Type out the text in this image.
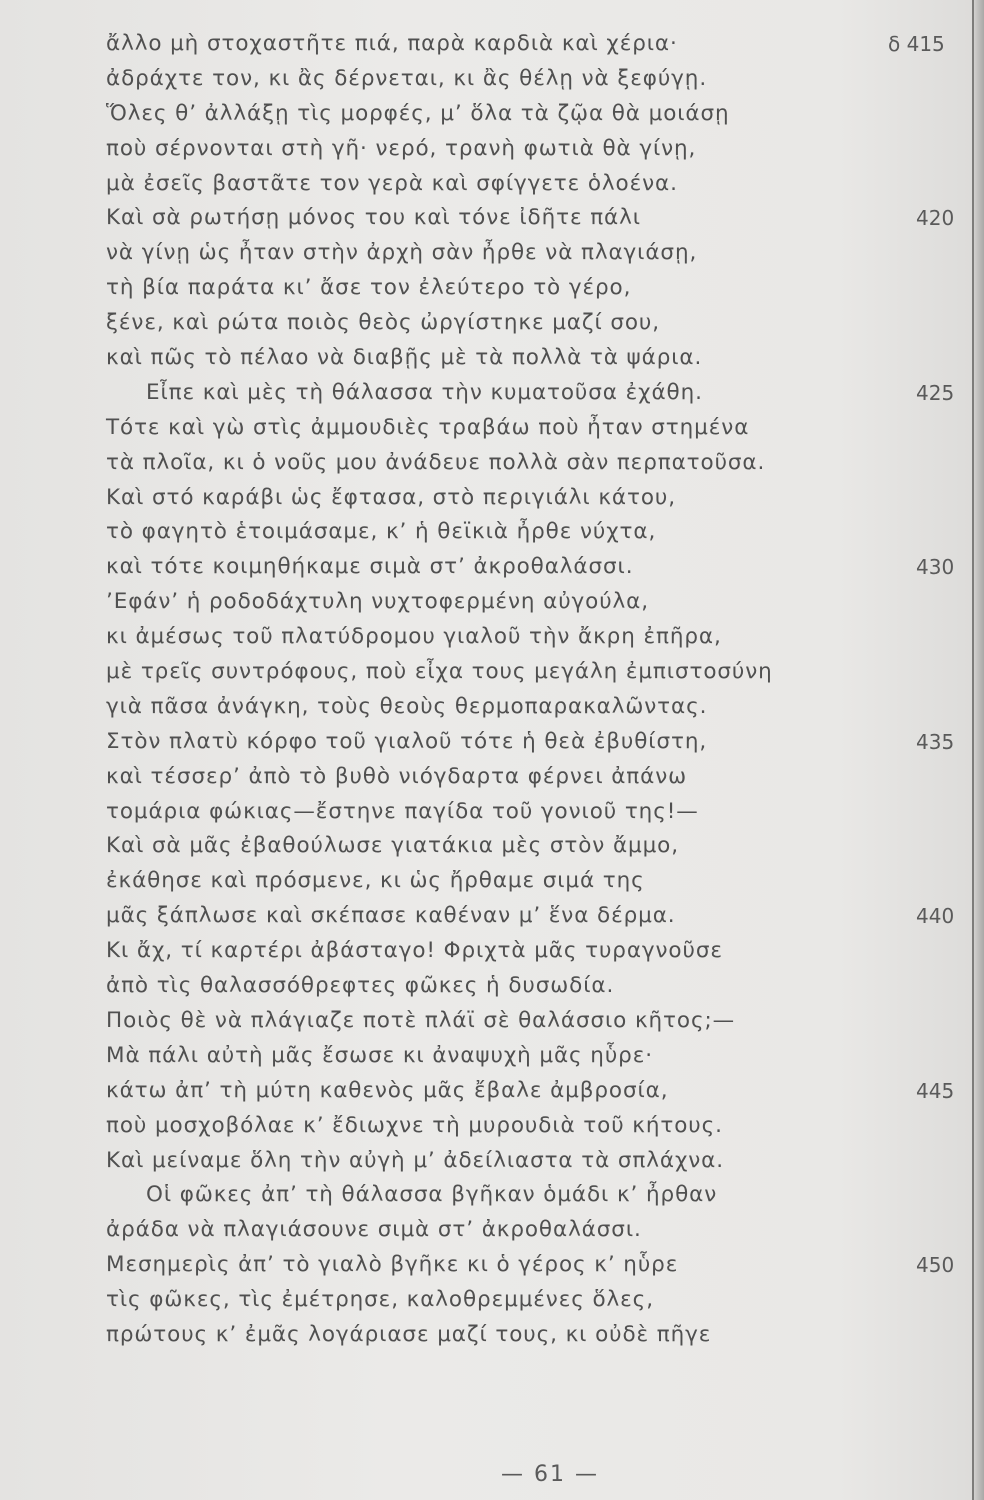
ἄλλο μὴ στοχαστῆτε πιά, παρὰ καρδιὰ καὶ χέρια·	δ 415
ἀδράχτε τον, κι ἂς δέρνεται, κι ἂς θέλῃ νὰ ξεφύγῃ.
Ὅλες θ’ ἀλλάξῃ τὶς μορφές, μ’ ὅλα τὰ ζῷα θὰ μοιάσῃ
ποὺ σέρνονται στὴ γῆ· νερό, τρανὴ φωτιὰ θὰ γίνῃ,
μὰ ἐσεῖς βαστᾶτε τον γερὰ καὶ σφίγγετε ὁλοένα.
Καὶ σὰ ρωτήσῃ μόνος του καὶ τόνε ἰδῆτε πάλι	420
νὰ γίνῃ ὡς ἦταν στὴν ἀρχὴ σὰν ἦρθε νὰ πλαγιάσῃ,
τὴ βία παράτα κι’ ἄσε τον ἐλεύτερο τὸ γέρο,
ξένε, καὶ ρώτα ποιὸς θεὸς ὠργίστηκε μαζί σου,
καὶ πῶς τὸ πέλαο νὰ διαβῇς μὲ τὰ πολλὰ τὰ ψάρια.
Εἶπε καὶ μὲς τὴ θάλασσα τὴν κυματοῦσα ἐχάθη.	425
Τότε καὶ γὼ στὶς ἀμμουδιὲς τραβάω ποὺ ἦταν στημένα
τὰ πλοῖα, κι ὁ νοῦς μου ἀνάδευε πολλὰ σὰν περπατοῦσα.
Καὶ στό καράβι ὡς ἔφτασα, στὸ περιγιάλι κάτου,
τὸ φαγητὸ ἑτοιμάσαμε, κ’ ἡ θεϊκιὰ ἦρθε νύχτα,
καὶ τότε κοιμηθήκαμε σιμὰ στ’ ἀκροθαλάσσι.	430
’Εφάν’ ἡ ροδοδάχτυλη νυχτοφερμένη αὐγούλα,
κι ἀμέσως τοῦ πλατύδρομου γιαλοῦ τὴν ἄκρη ἐπῆρα,
μὲ τρεῖς συντρόφους, ποὺ εἶχα τους μεγάλη ἐμπιστοσύνη
γιὰ πᾶσα ἀνάγκη, τοὺς θεοὺς θερμοπαρακαλῶντας.
Στὸν πλατὺ κόρφο τοῦ γιαλοῦ τότε ἡ θεὰ ἐβυθίστη,	435
καὶ τέσσερ’ ἀπὸ τὸ βυθὸ νιόγδαρτα φέρνει ἀπάνω
τομάρια φώκιας—ἔστηνε παγίδα τοῦ γονιοῦ της!—
Καὶ σὰ μᾶς ἐβαθούλωσε γιατάκια μὲς στὸν ἄμμο,
ἐκάθησε καὶ πρόσμενε, κι ὡς ἤρθαμε σιμά της
μᾶς ξάπλωσε καὶ σκέπασε καθέναν μ’ ἕνα δέρμα.	440
Κι ἄχ, τί καρτέρι ἀβάσταγο! Φριχτὰ μᾶς τυραγνοῦσε
ἀπὸ τὶς θαλασσόθρεφτες φῶκες ἡ δυσωδία.
Ποιὸς θὲ νὰ πλάγιαζε ποτὲ πλάϊ σὲ θαλάσσιο κῆτος;—
Μὰ πάλι αὐτὴ μᾶς ἔσωσε κι ἀναψυχὴ μᾶς ηὗρε·
κάτω ἀπ’ τὴ μύτη καθενὸς μᾶς ἔβαλε ἀμβροσία,	445
ποὺ μοσχοβόλαε κ’ ἔδιωχνε τὴ μυρουδιὰ τοῦ κήτους.
Καὶ μείναμε ὅλη τὴν αὐγὴ μ’ ἀδείλιαστα τὰ σπλάχνα.
Οἱ φῶκες ἀπ’ τὴ θάλασσα βγῆκαν ὁμάδι κ’ ἦρθαν
ἀράδα νὰ πλαγιάσουνε σιμὰ στ’ ἀκροθαλάσσι.
Μεσημερὶς ἀπ’ τὸ γιαλὸ βγῆκε κι ὁ γέρος κ’ ηὗρε	450
τὶς φῶκες, τὶς ἐμέτρησε, καλοθρεμμένες ὅλες,
πρώτους κ’ ἐμᾶς λογάριασε μαζί τους, κι οὐδὲ πῆγε
— 61 —
